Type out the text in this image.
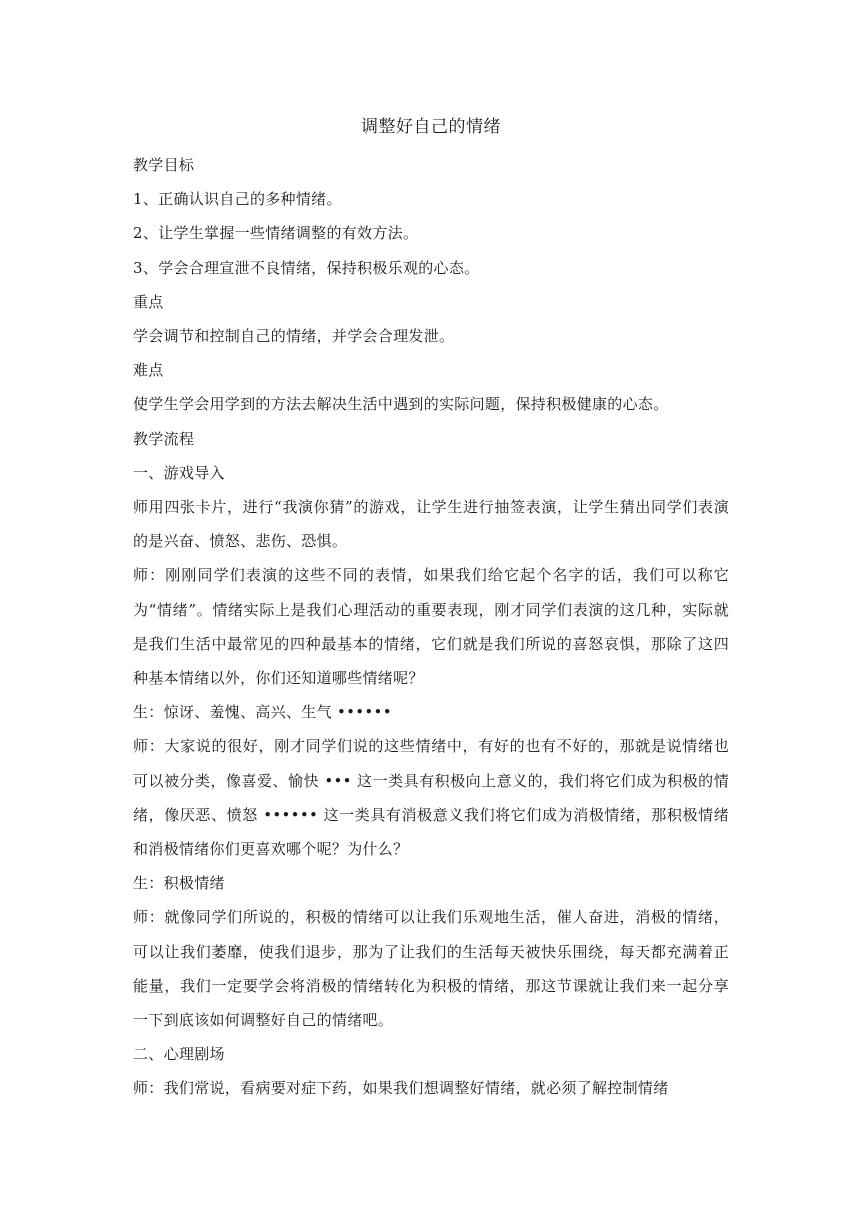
调整好自己的情绪

教学目标

1、正确认识自己的多种情绪。

2、让学生掌握一些情绪调整的有效方法。

3、学会合理宣泄不良情绪，保持积极乐观的心态。

重点

学会调节和控制自己的情绪，并学会合理发泄。

难点

使学生学会用学到的方法去解决生活中遇到的实际问题，保持积极健康的心态。

教学流程

一、游戏导入

师用四张卡片，进行“我演你猜”的游戏，让学生进行抽签表演，让学生猜出同学们表演的是兴奋、愤怒、悲伤、恐惧。

师：刚刚同学们表演的这些不同的表情，如果我们给它起个名字的话，我们可以称它为“情绪”。情绪实际上是我们心理活动的重要表现，刚才同学们表演的这几种，实际就是我们生活中最常见的四种最基本的情绪，它们就是我们所说的喜怒哀惧，那除了这四种基本情绪以外，你们还知道哪些情绪呢？

生：惊讶、羞愧、高兴、生气 ••••••

师：大家说的很好，刚才同学们说的这些情绪中，有好的也有不好的，那就是说情绪也可以被分类，像喜爱、愉快 ••• 这一类具有积极向上意义的，我们将它们成为积极的情绪，像厌恶、愤怒 •••••• 这一类具有消极意义我们将它们成为消极情绪，那积极情绪和消极情绪你们更喜欢哪个呢？为什么？

生：积极情绪

师：就像同学们所说的，积极的情绪可以让我们乐观地生活，催人奋进，消极的情绪，可以让我们萎靡，使我们退步，那为了让我们的生活每天被快乐围绕，每天都充满着正能量，我们一定要学会将消极的情绪转化为积极的情绪，那这节课就让我们来一起分享一下到底该如何调整好自己的情绪吧。

二、心理剧场

师：我们常说，看病要对症下药，如果我们想调整好情绪，就必须了解控制情绪
